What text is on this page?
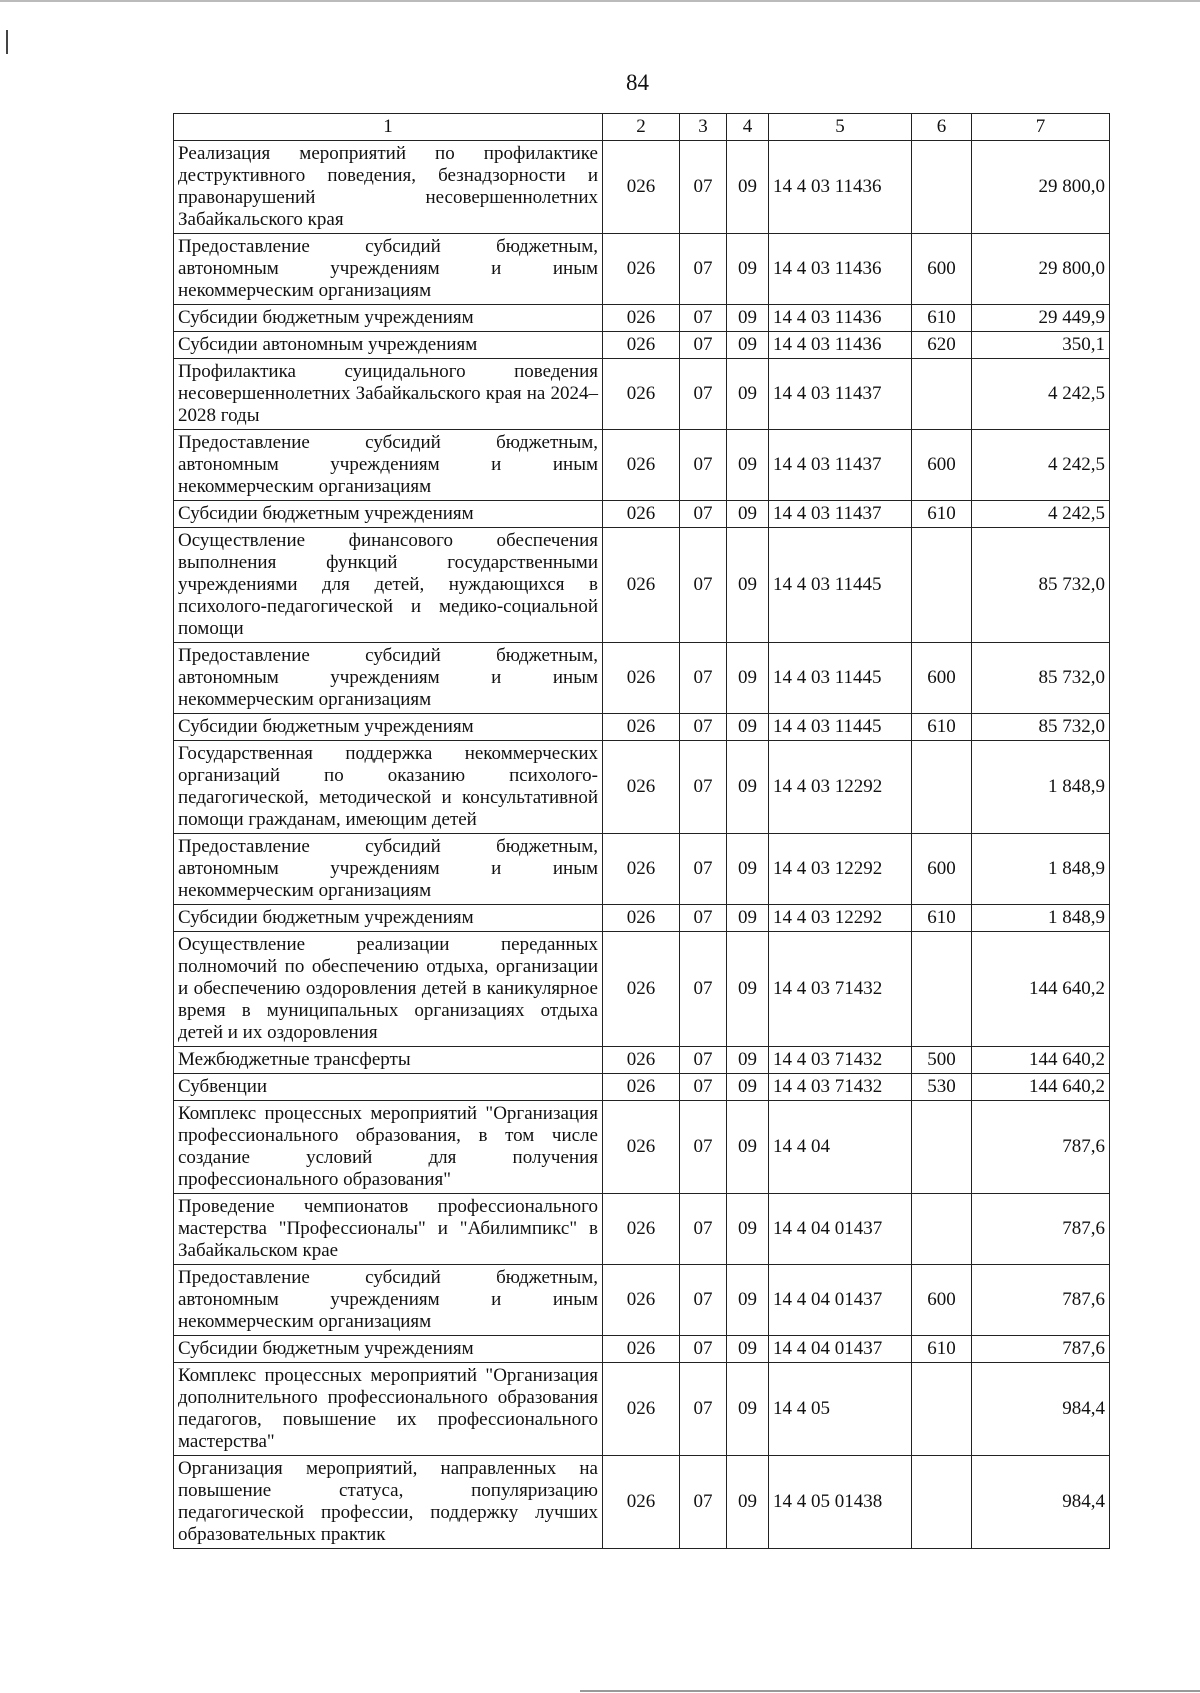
84
1	2	3	4	5	6	7
Реализация мероприятий по профилактике деструктивного поведения, безнадзорности и правонарушений несовершеннолетних Забайкальского края	026	07	09	14 4 03 11436		29 800,0
Предоставление субсидий бюджетным, автономным учреждениям и иным некоммерческим организациям	026	07	09	14 4 03 11436	600	29 800,0
Субсидии бюджетным учреждениям	026	07	09	14 4 03 11436	610	29 449,9
Субсидии автономным учреждениям	026	07	09	14 4 03 11436	620	350,1
Профилактика суицидального поведения несовершеннолетних Забайкальского края на 2024–2028 годы	026	07	09	14 4 03 11437		4 242,5
Предоставление субсидий бюджетным, автономным учреждениям и иным некоммерческим организациям	026	07	09	14 4 03 11437	600	4 242,5
Субсидии бюджетным учреждениям	026	07	09	14 4 03 11437	610	4 242,5
Осуществление финансового обеспечения выполнения функций государственными учреждениями для детей, нуждающихся в психолого-педагогической и медико-социальной помощи	026	07	09	14 4 03 11445		85 732,0
Предоставление субсидий бюджетным, автономным учреждениям и иным некоммерческим организациям	026	07	09	14 4 03 11445	600	85 732,0
Субсидии бюджетным учреждениям	026	07	09	14 4 03 11445	610	85 732,0
Государственная поддержка некоммерческих организаций по оказанию психолого-педагогической, методической и консультативной помощи гражданам, имеющим детей	026	07	09	14 4 03 12292		1 848,9
Предоставление субсидий бюджетным, автономным учреждениям и иным некоммерческим организациям	026	07	09	14 4 03 12292	600	1 848,9
Субсидии бюджетным учреждениям	026	07	09	14 4 03 12292	610	1 848,9
Осуществление реализации переданных полномочий по обеспечению отдыха, организации и обеспечению оздоровления детей в каникулярное время в муниципальных организациях отдыха детей и их оздоровления	026	07	09	14 4 03 71432		144 640,2
Межбюджетные трансферты	026	07	09	14 4 03 71432	500	144 640,2
Субвенции	026	07	09	14 4 03 71432	530	144 640,2
Комплекс процессных мероприятий "Организация профессионального образования, в том числе создание условий для получения профессионального образования"	026	07	09	14 4 04		787,6
Проведение чемпионатов профессионального мастерства "Профессионалы" и "Абилимпикс" в Забайкальском крае	026	07	09	14 4 04 01437		787,6
Предоставление субсидий бюджетным, автономным учреждениям и иным некоммерческим организациям	026	07	09	14 4 04 01437	600	787,6
Субсидии бюджетным учреждениям	026	07	09	14 4 04 01437	610	787,6
Комплекс процессных мероприятий "Организация дополнительного профессионального образования педагогов, повышение их профессионального мастерства"	026	07	09	14 4 05		984,4
Организация мероприятий, направленных на повышение статуса, популяризацию педагогической профессии, поддержку лучших образовательных практик	026	07	09	14 4 05 01438		984,4
